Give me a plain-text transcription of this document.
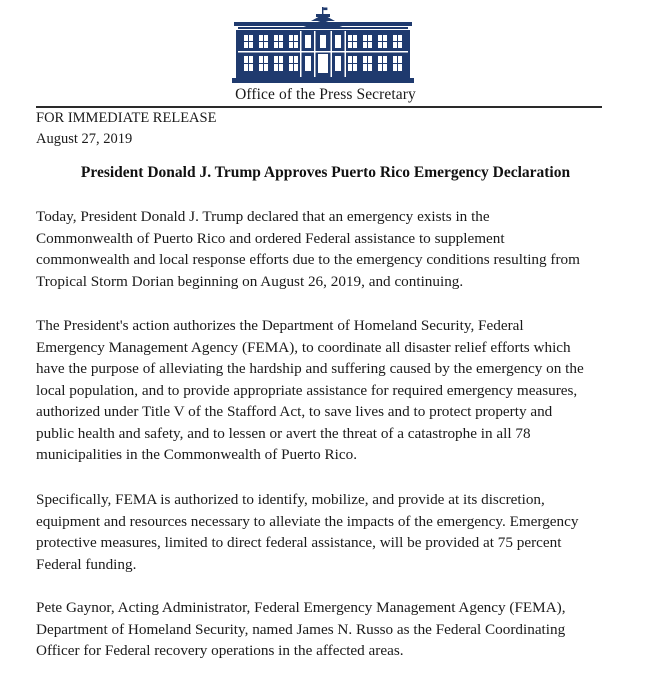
Office of the Press Secretary
FOR IMMEDIATE RELEASE
August 27, 2019
President Donald J. Trump Approves Puerto Rico Emergency Declaration

Today, President Donald J. Trump declared that an emergency exists in the
Commonwealth of Puerto Rico and ordered Federal assistance to supplement
commonwealth and local response efforts due to the emergency conditions resulting from
Tropical Storm Dorian beginning on August 26, 2019, and continuing.

The President's action authorizes the Department of Homeland Security, Federal
Emergency Management Agency (FEMA), to coordinate all disaster relief efforts which
have the purpose of alleviating the hardship and suffering caused by the emergency on the
local population, and to provide appropriate assistance for required emergency measures,
authorized under Title V of the Stafford Act, to save lives and to protect property and
public health and safety, and to lessen or avert the threat of a catastrophe in all 78
municipalities in the Commonwealth of Puerto Rico.

Specifically, FEMA is authorized to identify, mobilize, and provide at its discretion,
equipment and resources necessary to alleviate the impacts of the emergency. Emergency
protective measures, limited to direct federal assistance, will be provided at 75 percent
Federal funding.

Pete Gaynor, Acting Administrator, Federal Emergency Management Agency (FEMA),
Department of Homeland Security, named James N. Russo as the Federal Coordinating
Officer for Federal recovery operations in the affected areas.
